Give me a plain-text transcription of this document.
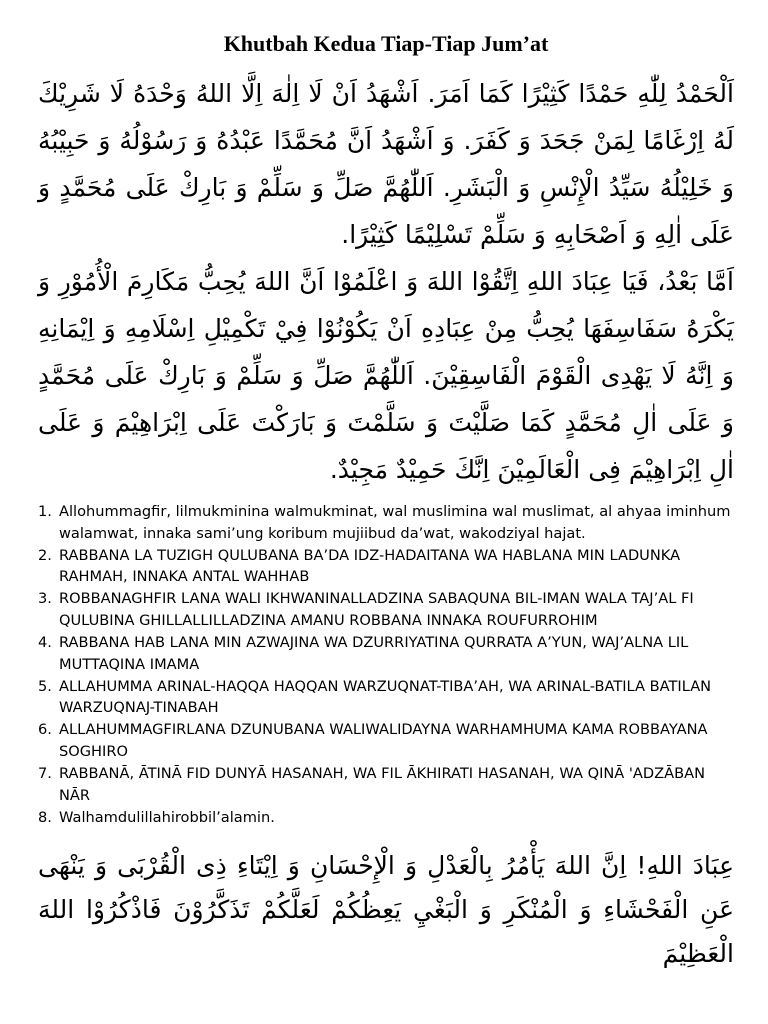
Khutbah Kedua Tiap-Tiap Jum’at

اَلْحَمْدُ لِلّٰهِ حَمْدًا كَثِيْرًا كَمَا اَمَرَ. اَشْهَدُ اَنْ لَا اِلٰهَ اِلَّا اللهُ وَحْدَهُ لَا شَرِيْكَ لَهُ اِرْغَامًا لِمَنْ جَحَدَ وَ كَفَرَ. وَ اَشْهَدُ اَنَّ مُحَمَّدًا عَبْدُهُ وَ رَسُوْلُهُ وَ حَبِيْبُهُ وَ خَلِيْلُهُ سَيِّدُ الْإِنْسِ وَ الْبَشَرِ. اَللّٰهُمَّ صَلِّ وَ سَلِّمْ وَ بَارِكْ عَلَى مُحَمَّدٍ وَ عَلَى اٰلِهِ وَ اَصْحَابِهِ وَ سَلِّمْ تَسْلِيْمًا كَثِيْرًا.

اَمَّا بَعْدُ، فَيَا عِبَادَ اللهِ اِتَّقُوْا اللهَ وَ اعْلَمُوْا اَنَّ اللهَ يُحِبُّ مَكَارِمَ الْأُمُوْرِ وَ يَكْرَهُ سَفَاسِفَهَا يُحِبُّ مِنْ عِبَادِهِ اَنْ يَكُوْنُوْا فِيْ تَكْمِيْلِ اِسْلَامِهِ وَ اِيْمَانِهِ وَ اِنَّهُ لَا يَهْدِى الْقَوْمَ الْفَاسِقِيْنَ. اَللّٰهُمَّ صَلِّ وَ سَلِّمْ وَ بَارِكْ عَلَى مُحَمَّدٍ وَ عَلَى اٰلِ مُحَمَّدٍ كَمَا صَلَّيْتَ وَ سَلَّمْتَ وَ بَارَكْتَ عَلَى اِبْرَاهِيْمَ وَ عَلَى اٰلِ اِبْرَاهِيْمَ فِى الْعَالَمِيْنَ اِنَّكَ حَمِيْدٌ مَجِيْدٌ.

1. Allohummagfir, lilmukminina walmukminat, wal muslimina wal muslimat, al ahyaa iminhum walamwat, innaka sami’ung koribum mujiibud da’wat, wakodziyal hajat.
2. RABBANA LA TUZIGH QULUBANA BA’DA IDZ-HADAITANA WA HABLANA MIN LADUNKA RAHMAH, INNAKA ANTAL WAHHAB
3. ROBBANAGHFIR LANA WALI IKHWANINALLADZINA SABAQUNA BIL-IMAN WALA TAJ’AL FI QULUBINA GHILLALLILLADZINA AMANU ROBBANA INNAKA ROUFURROHIM
4. RABBANA HAB LANA MIN AZWAJINA WA DZURRIYATINA QURRATA A’YUN, WAJ’ALNA LIL MUTTAQINA IMAMA
5. ALLAHUMMA ARINAL-HAQQA HAQQAN WARZUQNAT-TIBA’AH, WA ARINAL-BATILA BATILAN WARZUQNAJ-TINABAH
6. ALLAHUMMAGFIRLANA DZUNUBANA WALIWALIDAYNA WARHAMHUMA KAMA ROBBAYANA SOGHIRO
7. RABBANĀ, ĀTINĀ FID DUNYĀ HASANAH, WA FIL ĀKHIRATI HASANAH, WA QINĀ 'ADZĀBAN NĀR
8. Walhamdulillahirobbil’alamin.

عِبَادَ اللهِ! اِنَّ اللهَ يَأْمُرُ بِالْعَدْلِ وَ الْإِحْسَانِ وَ اِيْتَاءِ ذِى الْقُرْبَى وَ يَنْهَى عَنِ الْفَحْشَاءِ وَ الْمُنْكَرِ وَ الْبَغْيِ يَعِظُكُمْ لَعَلَّكُمْ تَذَكَّرُوْنَ فَاذْكُرُوْا اللهَ الْعَظِيْمَ
